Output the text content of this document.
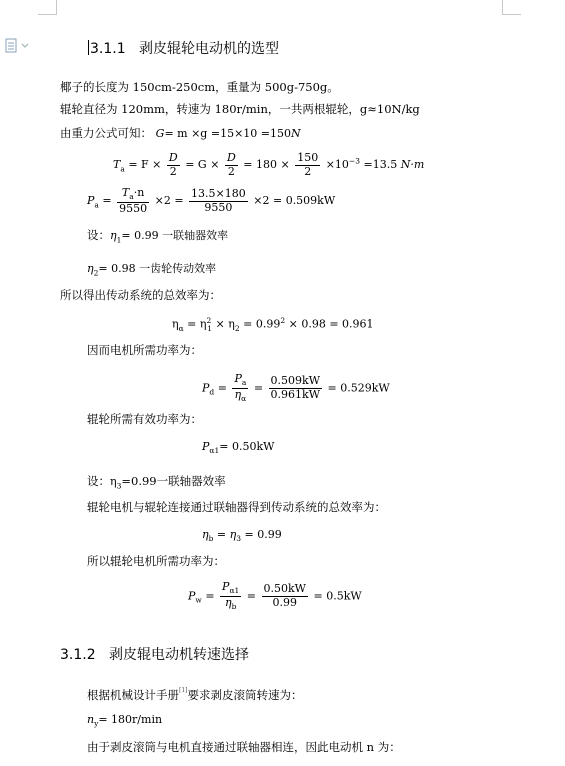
3.1.1 剥皮辊轮电动机的选型
椰子的长度为 150cm-250cm，重量为 500g-750g。
辊轮直径为 120mm，转速为 180r/min，一共两根辊轮，g≈10N/kg
由重力公式可知： G= m ×g =15×10 =150N
$T_a = F \times \frac{D}{2} = G \times \frac{D}{2} = 180 \times \frac{150}{2} \times 10^{-3} =13.5$ N·m
$P_a = \frac{T_a\cdot n}{9550} \times 2 = \frac{13.5\times 180}{9550} \times 2 = 0.509kW$
设：$\eta_1= 0.99$ 一联轴器效率
$\eta_2= 0.98$ 一齿轮传动效率
所以得出传动系统的总效率为：
$\eta_\alpha = \eta^2_1 \times \eta_2 = 0.99^2 \times 0.98 = 0.961$
因而电机所需功率为：
$P_d = \frac{P_a}{\eta_\alpha} = \frac{0.509kW}{0.961kW} = 0.529kW$
辊轮所需有效功率为：
$P_{\alpha 1}= 0.50kW$
设：$\eta_3=0.99$一联轴器效率
辊轮电机与辊轮连接通过联轴器得到传动系统的总效率为：
$\eta_b = \eta_3 = 0.99$
所以辊轮电机所需功率为：
$P_w = \frac{P_{\alpha 1}}{\eta_b} = \frac{0.50kW}{0.99} = 0.5kW$
3.1.2 剥皮辊电动机转速选择
根据机械设计手册[1]要求剥皮滚筒转速为：
$n_y= 180r/\min$
由于剥皮滚筒与电机直接通过联轴器相连，因此电动机 n 为：
